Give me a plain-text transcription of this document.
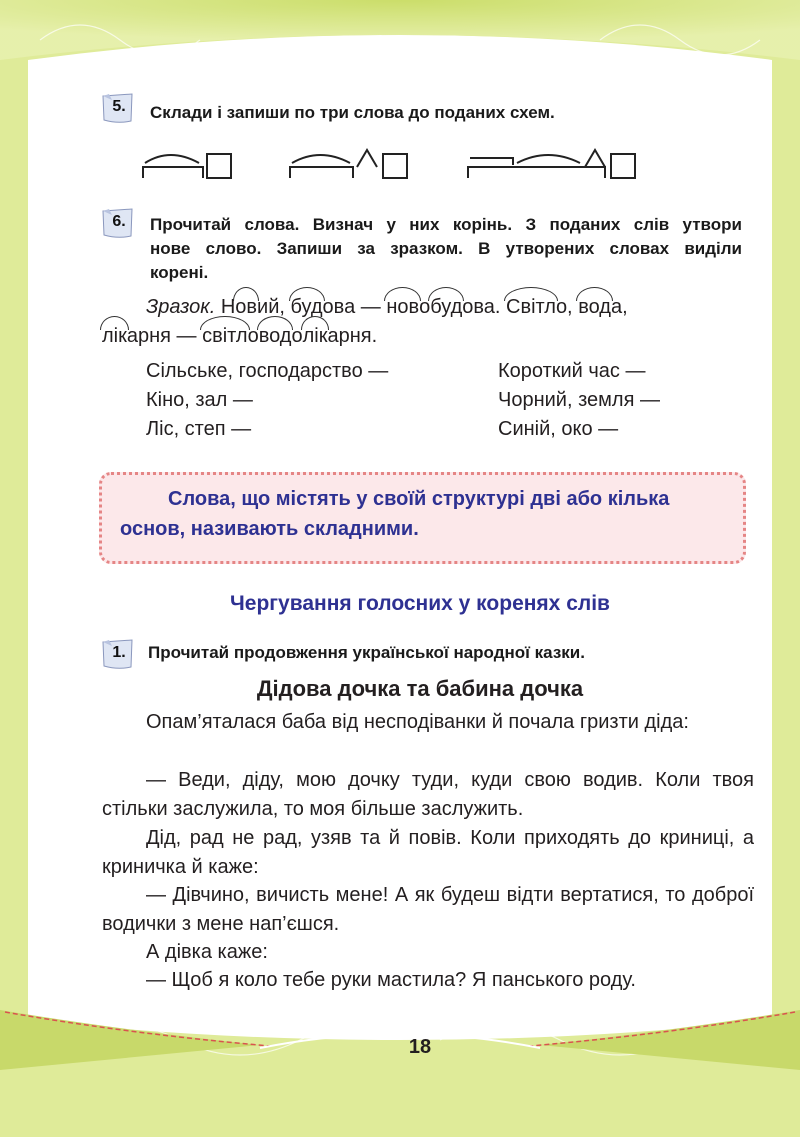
5.	Склади і запиши по три слова до поданих схем.
6.	Прочитай слова. Визнач у них корінь. З поданих слів утвори
нове слово. Запиши за зразком. В утворених словах виділи
корені.
Зразок. Новий, будова — новобудова. Світло, вода,
лікарня — світловодолікарня.
Сільське, господарство —
Кіно, зал —
Ліс, степ —
Короткий час —
Чорний, земля —
Синій, око —
Слова, що містять у своїй структурі дві або кілька основ, називають складними.
Чергування голосних у коренях слів
1.	Прочитай продовження української народної казки.
Дідова дочка та бабина дочка
Опам’яталася баба від несподіванки й почала гризти діда:
— Веди, діду, мою дочку туди, куди свою водив. Коли твоя стільки заслужила, то моя більше заслужить.
Дід, рад не рад, узяв та й повів. Коли приходять до криниці, а криничка й каже:
— Дівчино, вичисть мене! А як будеш відти вертатися, то доброї водички з мене нап’єшся.
А дівка каже:
— Щоб я коло тебе руки мастила? Я панського роду.
18
